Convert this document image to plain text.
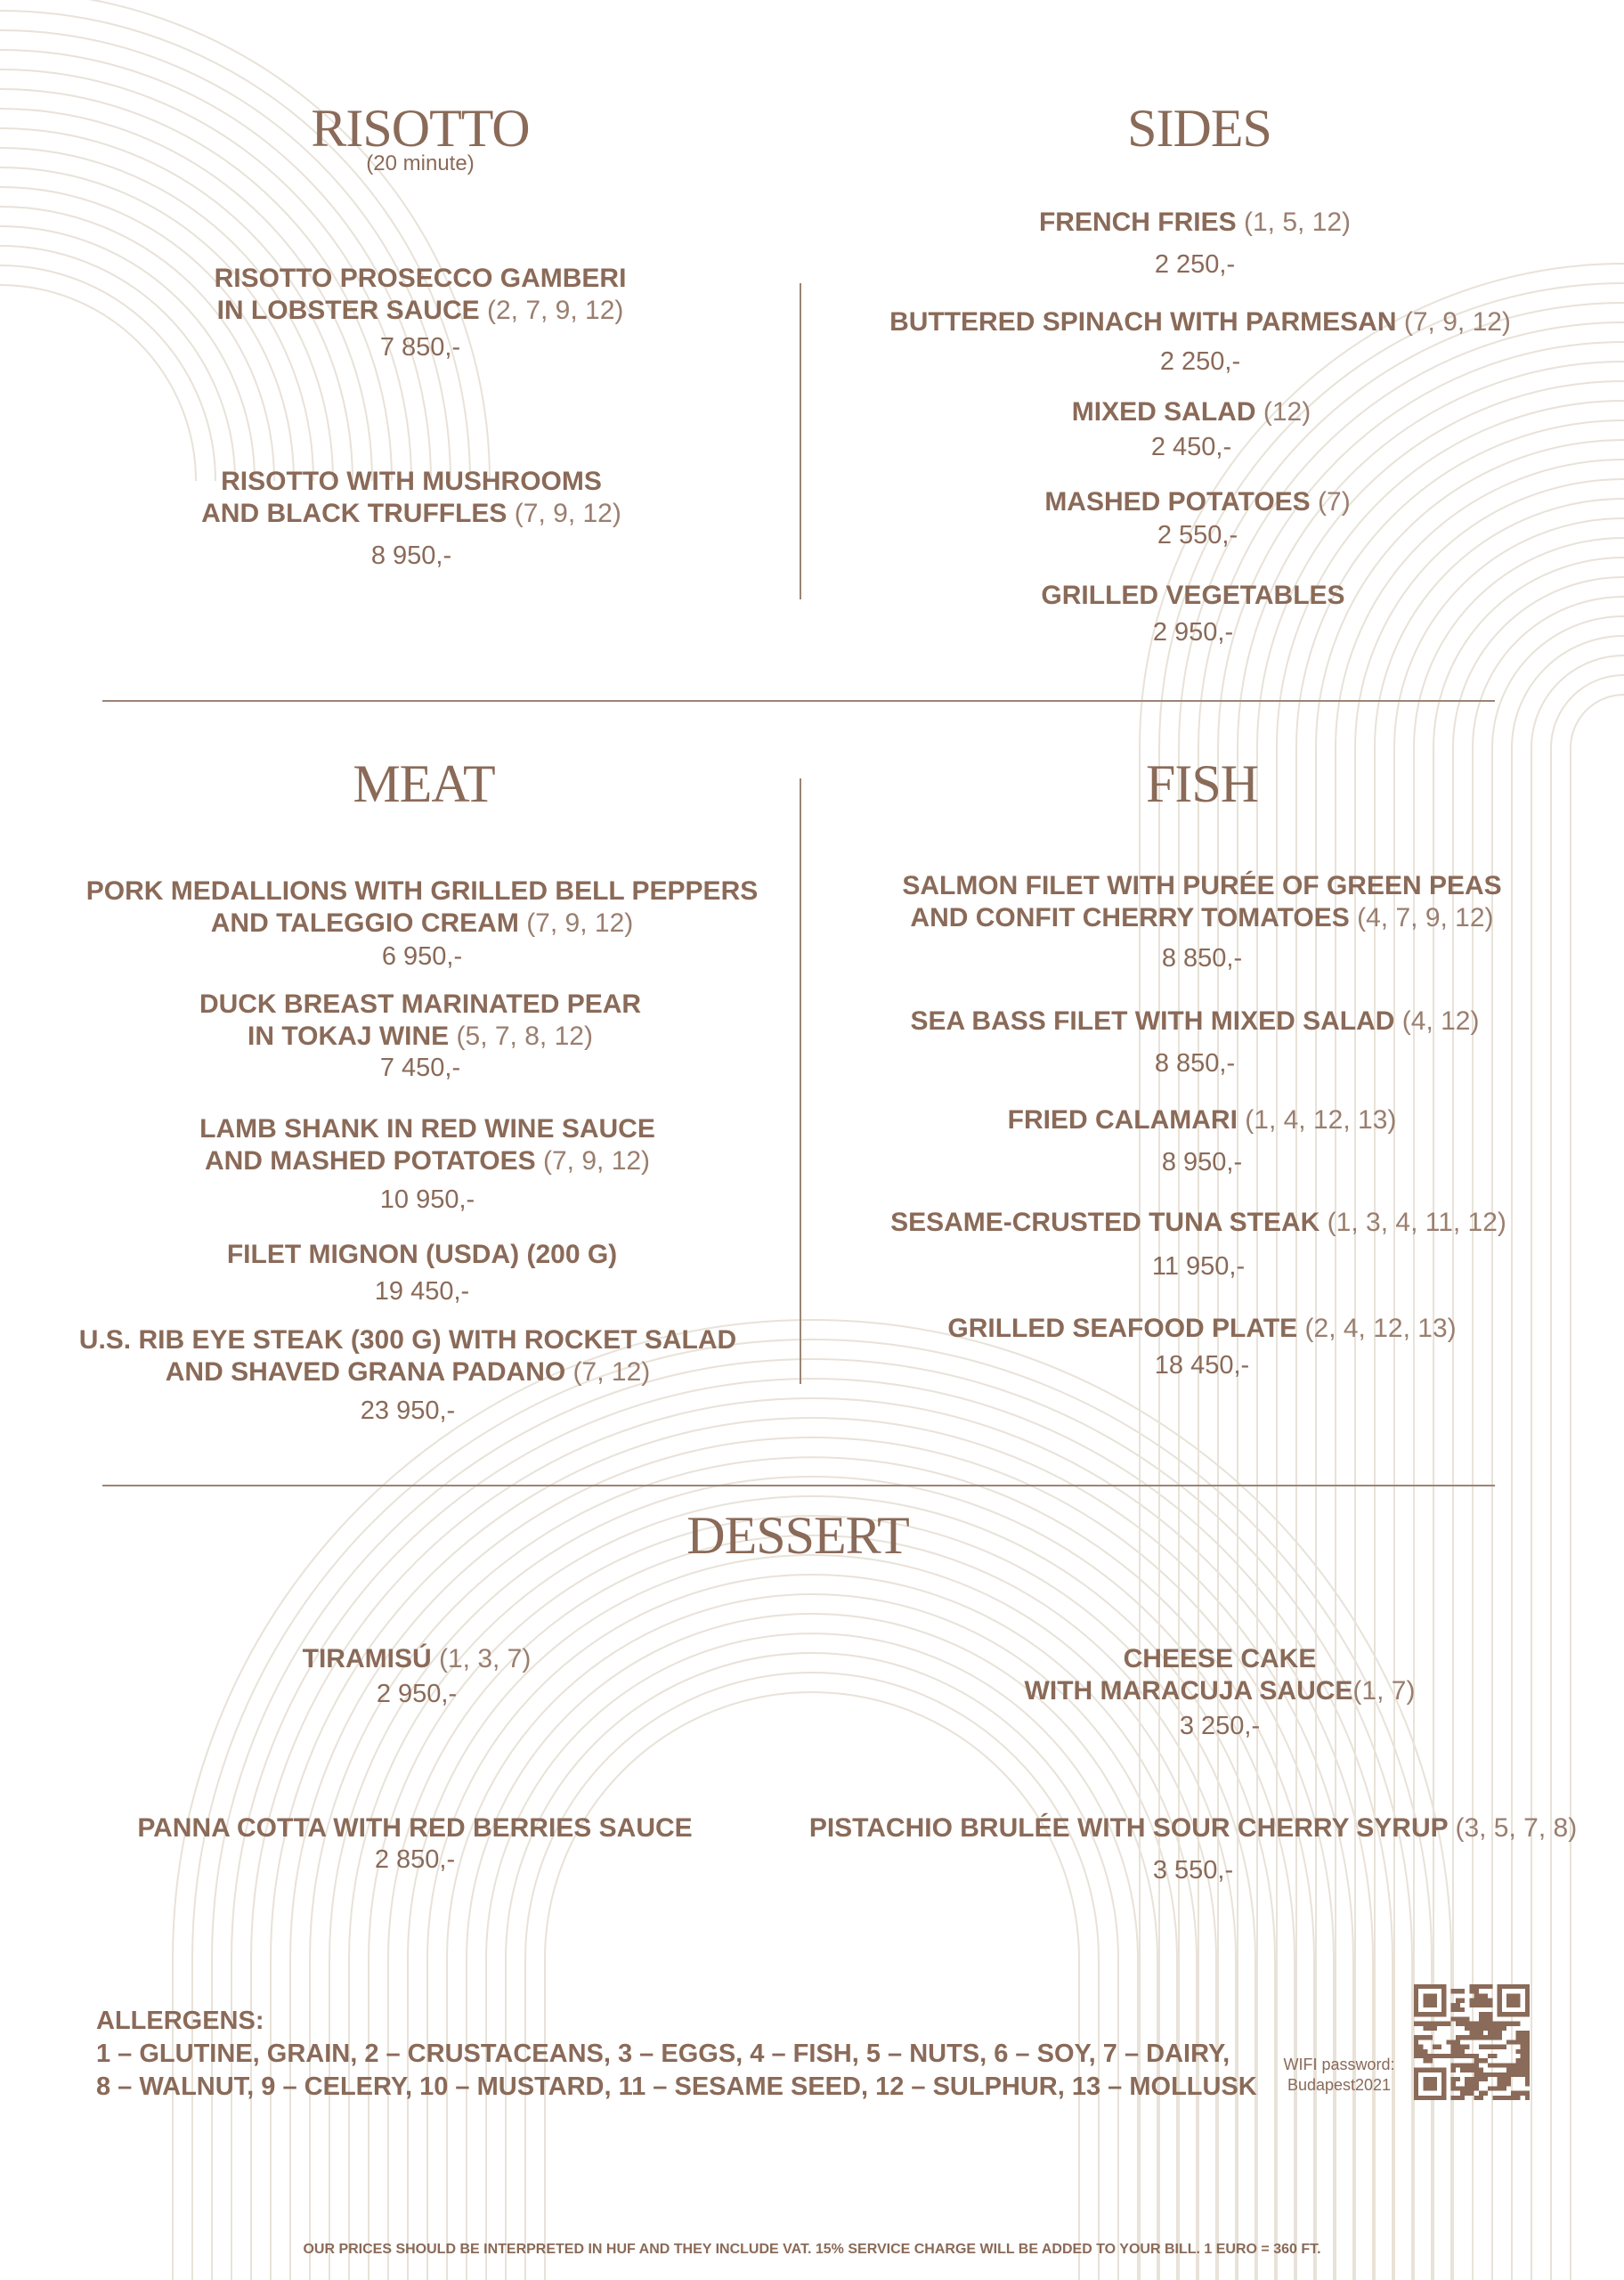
RISOTTO
(20 minute)
RISOTTO PROSECCO GAMBERI
IN LOBSTER SAUCE (2, 7, 9, 12)
7 850,-
RISOTTO WITH MUSHROOMS
AND BLACK TRUFFLES (7, 9, 12)
8 950,-
SIDES
FRENCH FRIES (1, 5, 12)
2 250,-
BUTTERED SPINACH WITH PARMESAN (7, 9, 12)
2 250,-
MIXED SALAD (12)
2 450,-
MASHED POTATOES (7)
2 550,-
GRILLED VEGETABLES
2 950,-
MEAT
PORK MEDALLIONS WITH GRILLED BELL PEPPERS
AND TALEGGIO CREAM (7, 9, 12)
6 950,-
DUCK BREAST MARINATED PEAR
IN TOKAJ WINE (5, 7, 8, 12)
7 450,-
LAMB SHANK IN RED WINE SAUCE
AND MASHED POTATOES (7, 9, 12)
10 950,-
FILET MIGNON (USDA) (200 G)
19 450,-
U.S. RIB EYE STEAK (300 G) WITH ROCKET SALAD
AND SHAVED GRANA PADANO (7, 12)
23 950,-
FISH
SALMON FILET WITH PURÉE OF GREEN PEAS
AND CONFIT CHERRY TOMATOES (4, 7, 9, 12)
8 850,-
SEA BASS FILET WITH MIXED SALAD (4, 12)
8 850,-
FRIED CALAMARI (1, 4, 12, 13)
8 950,-
SESAME-CRUSTED TUNA STEAK (1, 3, 4, 11, 12)
11 950,-
GRILLED SEAFOOD PLATE (2, 4, 12, 13)
18 450,-
DESSERT
TIRAMISÚ (1, 3, 7)
2 950,-
CHEESE CAKE
WITH MARACUJA SAUCE(1, 7)
3 250,-
PANNA COTTA WITH RED BERRIES SAUCE
2 850,-
PISTACHIO BRULÉE WITH SOUR CHERRY SYRUP (3, 5, 7, 8)
3 550,-
ALLERGENS:
1 – GLUTINE, GRAIN, 2 – CRUSTACEANS, 3 – EGGS, 4 – FISH, 5 – NUTS, 6 – SOY, 7 – DAIRY,
8 – WALNUT, 9 – CELERY, 10 – MUSTARD, 11 – SESAME SEED, 12 – SULPHUR, 13 – MOLLUSK
WIFI password:
Budapest2021
OUR PRICES SHOULD BE INTERPRETED IN HUF AND THEY INCLUDE VAT. 15% SERVICE CHARGE WILL BE ADDED TO YOUR BILL. 1 EURO = 360 FT.
